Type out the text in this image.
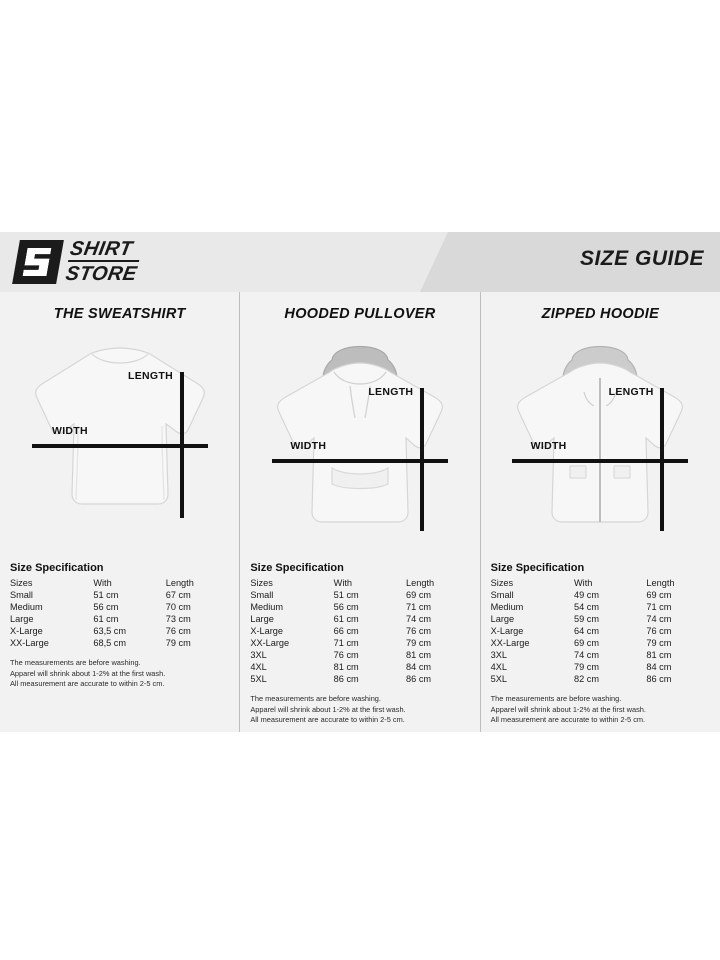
SHIRT
STORE
SIZE GUIDE
THE SWEATSHIRT
WIDTH
LENGTH
Size Specification
Sizes	With	Length
Small	51 cm	67 cm
Medium	56 cm	70 cm
Large	61 cm	73 cm
X-Large	63,5 cm	76 cm
XX-Large	68,5 cm	79 cm
The measurements are before washing.
Apparel will shrink about 1-2% at the first wash.
All measurement are accurate to within 2-5 cm.
HOODED PULLOVER
WIDTH
LENGTH
Size Specification
Sizes	With	Length
Small	51 cm	69 cm
Medium	56 cm	71 cm
Large	61 cm	74 cm
X-Large	66 cm	76 cm
XX-Large	71 cm	79 cm
3XL	76 cm	81 cm
4XL	81 cm	84 cm
5XL	86 cm	86 cm
The measurements are before washing.
Apparel will shrink about 1-2% at the first wash.
All measurement are accurate to within 2-5 cm.
ZIPPED HOODIE
WIDTH
LENGTH
Size Specification
Sizes	With	Length
Small	49 cm	69 cm
Medium	54 cm	71 cm
Large	59 cm	74 cm
X-Large	64 cm	76 cm
XX-Large	69 cm	79 cm
3XL	74 cm	81 cm
4XL	79 cm	84 cm
5XL	82 cm	86 cm
The measurements are before washing.
Apparel will shrink about 1-2% at the first wash.
All measurement are accurate to within 2-5 cm.
